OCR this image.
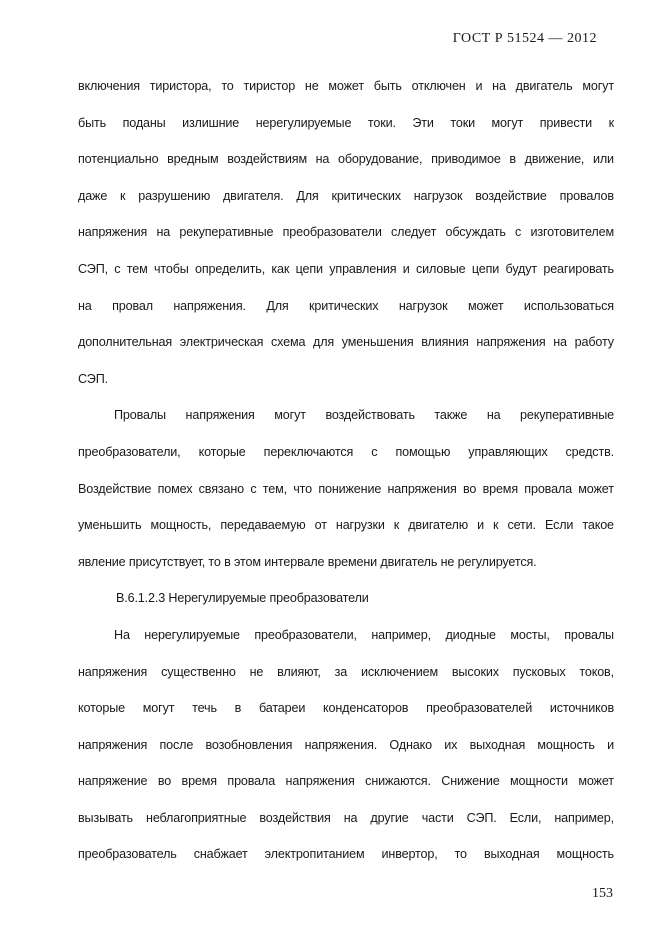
ГОСТ Р 51524 — 2012
включения тиристора, то тиристор не может быть отключен и на двигатель могут
быть поданы излишние нерегулируемые токи. Эти токи могут привести к
потенциально вредным воздействиям на оборудование, приводимое в движение, или
даже к разрушению двигателя. Для критических нагрузок воздействие провалов
напряжения на рекуперативные преобразователи следует обсуждать с изготовителем
СЭП, с тем чтобы определить, как цепи управления и силовые цепи будут реагировать
на провал напряжения. Для критических нагрузок может использоваться
дополнительная электрическая схема для уменьшения влияния напряжения на работу
СЭП.
Провалы напряжения могут воздействовать также на рекуперативные
преобразователи, которые переключаются с помощью управляющих средств.
Воздействие помех связано с тем, что понижение напряжения во время провала может
уменьшить мощность, передаваемую от нагрузки к двигателю и к сети. Если такое
явление присутствует, то в этом интервале времени двигатель не регулируется.
В.6.1.2.3 Нерегулируемые преобразователи
На нерегулируемые преобразователи, например, диодные мосты, провалы
напряжения существенно не влияют, за исключением высоких пусковых токов,
которые могут течь в батареи конденсаторов преобразователей источников
напряжения после возобновления напряжения. Однако их выходная мощность и
напряжение во время провала напряжения снижаются. Снижение мощности может
вызывать неблагоприятные воздействия на другие части СЭП. Если, например,
преобразователь снабжает электропитанием инвертор, то выходная мощность
153
